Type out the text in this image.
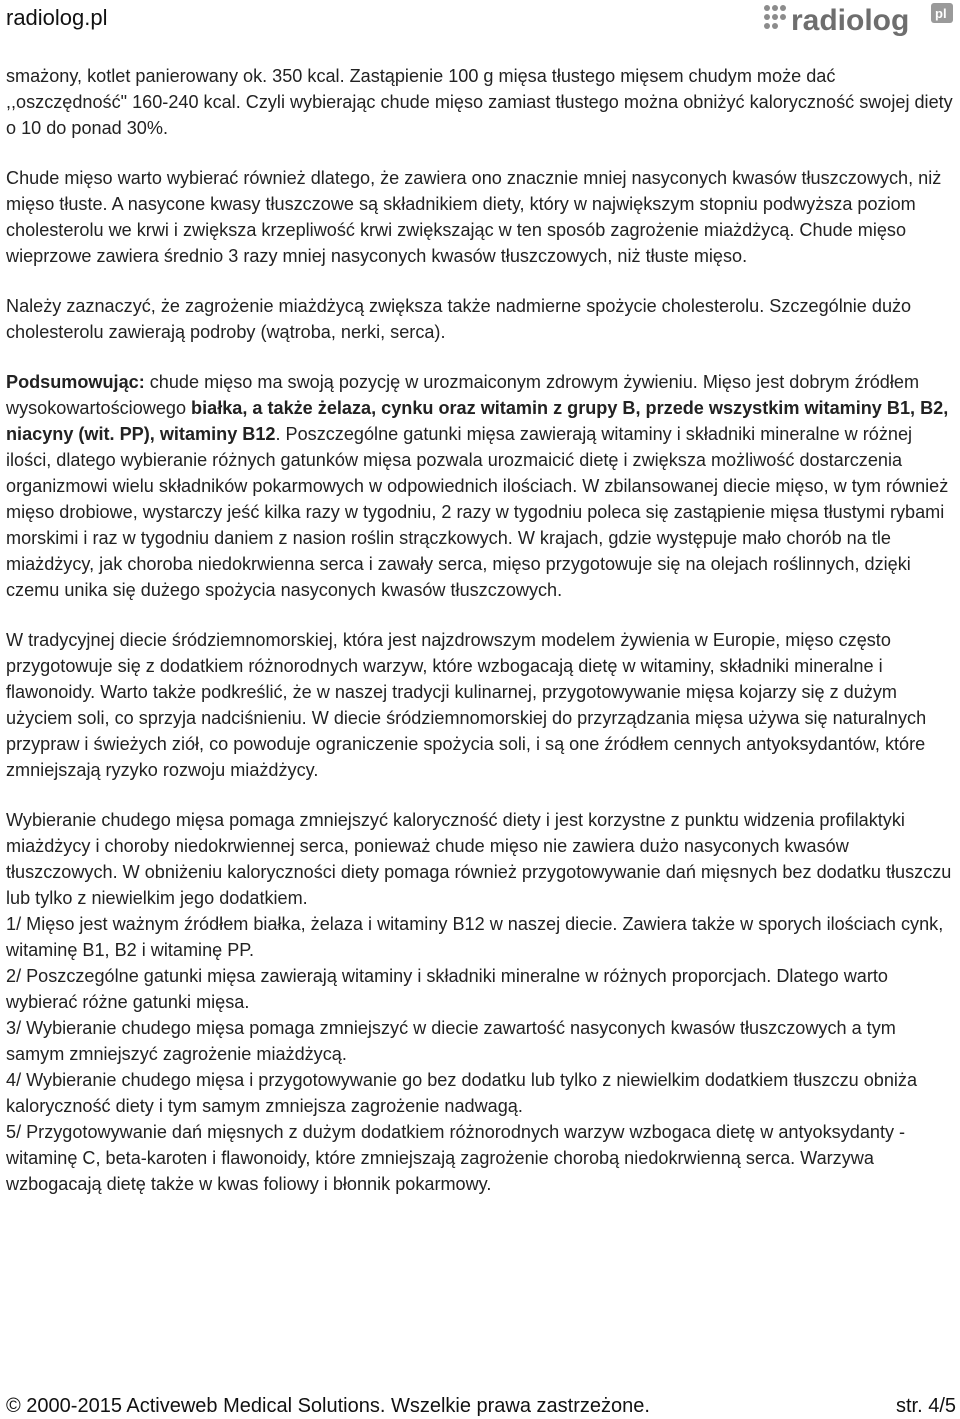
radiolog.pl	radiolog pl

smażony, kotlet panierowany ok. 350 kcal. Zastąpienie 100 g mięsa tłustego mięsem chudym może dać ,,oszczędność" 160-240 kcal. Czyli wybierając chude mięso zamiast tłustego można obniżyć kaloryczność swojej diety o 10 do ponad 30%.

Chude mięso warto wybierać również dlatego, że zawiera ono znacznie mniej nasyconych kwasów tłuszczowych, niż mięso tłuste. A nasycone kwasy tłuszczowe są składnikiem diety, który w największym stopniu podwyższa poziom cholesterolu we krwi i zwiększa krzepliwość krwi zwiększając w ten sposób zagrożenie miażdżycą. Chude mięso wieprzowe zawiera średnio 3 razy mniej nasyconych kwasów tłuszczowych, niż tłuste mięso.

Należy zaznaczyć, że zagrożenie miażdżycą zwiększa także nadmierne spożycie cholesterolu. Szczególnie dużo cholesterolu zawierają podroby (wątroba, nerki, serca).

Podsumowując: chude mięso ma swoją pozycję w urozmaiconym zdrowym żywieniu. Mięso jest dobrym źródłem wysokowartościowego białka, a także żelaza, cynku oraz witamin z grupy B, przede wszystkim witaminy B1, B2, niacyny (wit. PP), witaminy B12. Poszczególne gatunki mięsa zawierają witaminy i składniki mineralne w różnej ilości, dlatego wybieranie różnych gatunków mięsa pozwala urozmaicić dietę i zwiększa możliwość dostarczenia organizmowi wielu składników pokarmowych w odpowiednich ilościach. W zbilansowanej diecie mięso, w tym również mięso drobiowe, wystarczy jeść kilka razy w tygodniu, 2 razy w tygodniu poleca się zastąpienie mięsa tłustymi rybami morskimi i raz w tygodniu daniem z nasion roślin strączkowych. W krajach, gdzie występuje mało chorób na tle miażdżycy, jak choroba niedokrwienna serca i zawały serca, mięso przygotowuje się na olejach roślinnych, dzięki czemu unika się dużego spożycia nasyconych kwasów tłuszczowych.

W tradycyjnej diecie śródziemnomorskiej, która jest najzdrowszym modelem żywienia w Europie, mięso często przygotowuje się z dodatkiem różnorodnych warzyw, które wzbogacają dietę w witaminy, składniki mineralne i flawonoidy. Warto także podkreślić, że w naszej tradycji kulinarnej, przygotowywanie mięsa kojarzy się z dużym użyciem soli, co sprzyja nadciśnieniu. W diecie śródziemnomorskiej do przyrządzania mięsa używa się naturalnych przypraw i świeżych ziół, co powoduje ograniczenie spożycia soli, i są one źródłem cennych antyoksydantów, które zmniejszają ryzyko rozwoju miażdżycy.

Wybieranie chudego mięsa pomaga zmniejszyć kaloryczność diety i jest korzystne z punktu widzenia profilaktyki miażdżycy i choroby niedokrwiennej serca, ponieważ chude mięso nie zawiera dużo nasyconych kwasów tłuszczowych. W obniżeniu kaloryczności diety pomaga również przygotowywanie dań mięsnych bez dodatku tłuszczu lub tylko z niewielkim jego dodatkiem.

1/ Mięso jest ważnym źródłem białka, żelaza i witaminy B12 w naszej diecie. Zawiera także w sporych ilościach cynk, witaminę B1, B2 i witaminę PP.

2/ Poszczególne gatunki mięsa zawierają witaminy i składniki mineralne w różnych proporcjach. Dlatego warto wybierać różne gatunki mięsa.

3/ Wybieranie chudego mięsa pomaga zmniejszyć w diecie zawartość nasyconych kwasów tłuszczowych a tym samym zmniejszyć zagrożenie miażdżycą.

4/ Wybieranie chudego mięsa i przygotowywanie go bez dodatku lub tylko z niewielkim dodatkiem tłuszczu obniża kaloryczność diety i tym samym zmniejsza zagrożenie nadwagą.

5/ Przygotowywanie dań mięsnych z dużym dodatkiem różnorodnych warzyw wzbogaca dietę w antyoksydanty - witaminę C, beta-karoten i flawonoidy, które zmniejszają zagrożenie chorobą niedokrwienną serca. Warzywa wzbogacają dietę także w kwas foliowy i błonnik pokarmowy.

© 2000-2015 Activeweb Medical Solutions. Wszelkie prawa zastrzeżone.	str. 4/5
